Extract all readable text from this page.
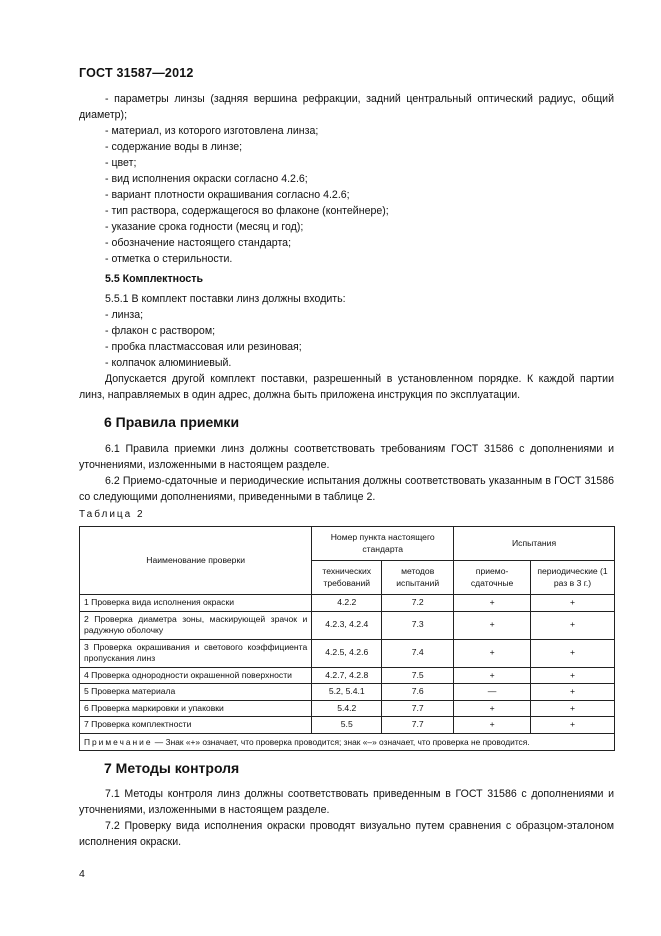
ГОСТ 31587—2012

- параметры линзы (задняя вершина рефракции, задний центральный оптический радиус, общий диаметр);

- материал, из которого изготовлена линза;

- содержание воды в линзе;

- цвет;

- вид исполнения окраски согласно 4.2.6;

- вариант плотности окрашивания согласно 4.2.6;

- тип раствора, содержащегося во флаконе (контейнере);

- указание срока годности (месяц и год);

- обозначение настоящего стандарта;

- отметка о стерильности.

5.5 Комплектность

5.5.1 В комплект поставки линз должны входить:

- линза;

- флакон с раствором;

- пробка пластмассовая или резиновая;

- колпачок алюминиевый.

Допускается другой комплект поставки, разрешенный в установленном порядке. К каждой партии линз, направляемых в один адрес, должна быть приложена инструкция по эксплуатации.

6 Правила приемки

6.1 Правила приемки линз должны соответствовать требованиям ГОСТ 31586 с дополнениями и уточнениями, изложенными в настоящем разделе.

6.2 Приемо-сдаточные и периодические испытания должны соответствовать указанным в ГОСТ 31586 со следующими дополнениями, приведенными в таблице 2.

Таблица 2
Наименование проверки	Номер пункта настоящего стандарта		Испытания	
	технических требований	методов испытаний	приемо-сдаточные	периодические (1 раз в 3 г.)
1 Проверка вида исполнения окраски	4.2.2	7.2	+	+
2 Проверка диаметра зоны, маскирующей зрачок и радужную оболочку	4.2.3, 4.2.4	7.3	+	+
3 Проверка окрашивания и светового коэффициента пропускания линз	4.2.5, 4.2.6	7.4	+	+
4 Проверка однородности окрашенной поверхности	4.2.7, 4.2.8	7.5	+	+
5 Проверка материала	5.2, 5.4.1	7.6	—	+
6 Проверка маркировки и упаковки	5.4.2	7.7	+	+
7 Проверка комплектности	5.5	7.7	+	+
Примечание — Знак «+» означает, что проверка проводится; знак «–» означает, что проверка не проводится.				
7 Методы контроля

7.1 Методы контроля линз должны соответствовать приведенным в ГОСТ 31586 с дополнениями и уточнениями, изложенными в настоящем разделе.

7.2 Проверку вида исполнения окраски проводят визуально путем сравнения с образцом-эталоном исполнения окраски.

4
